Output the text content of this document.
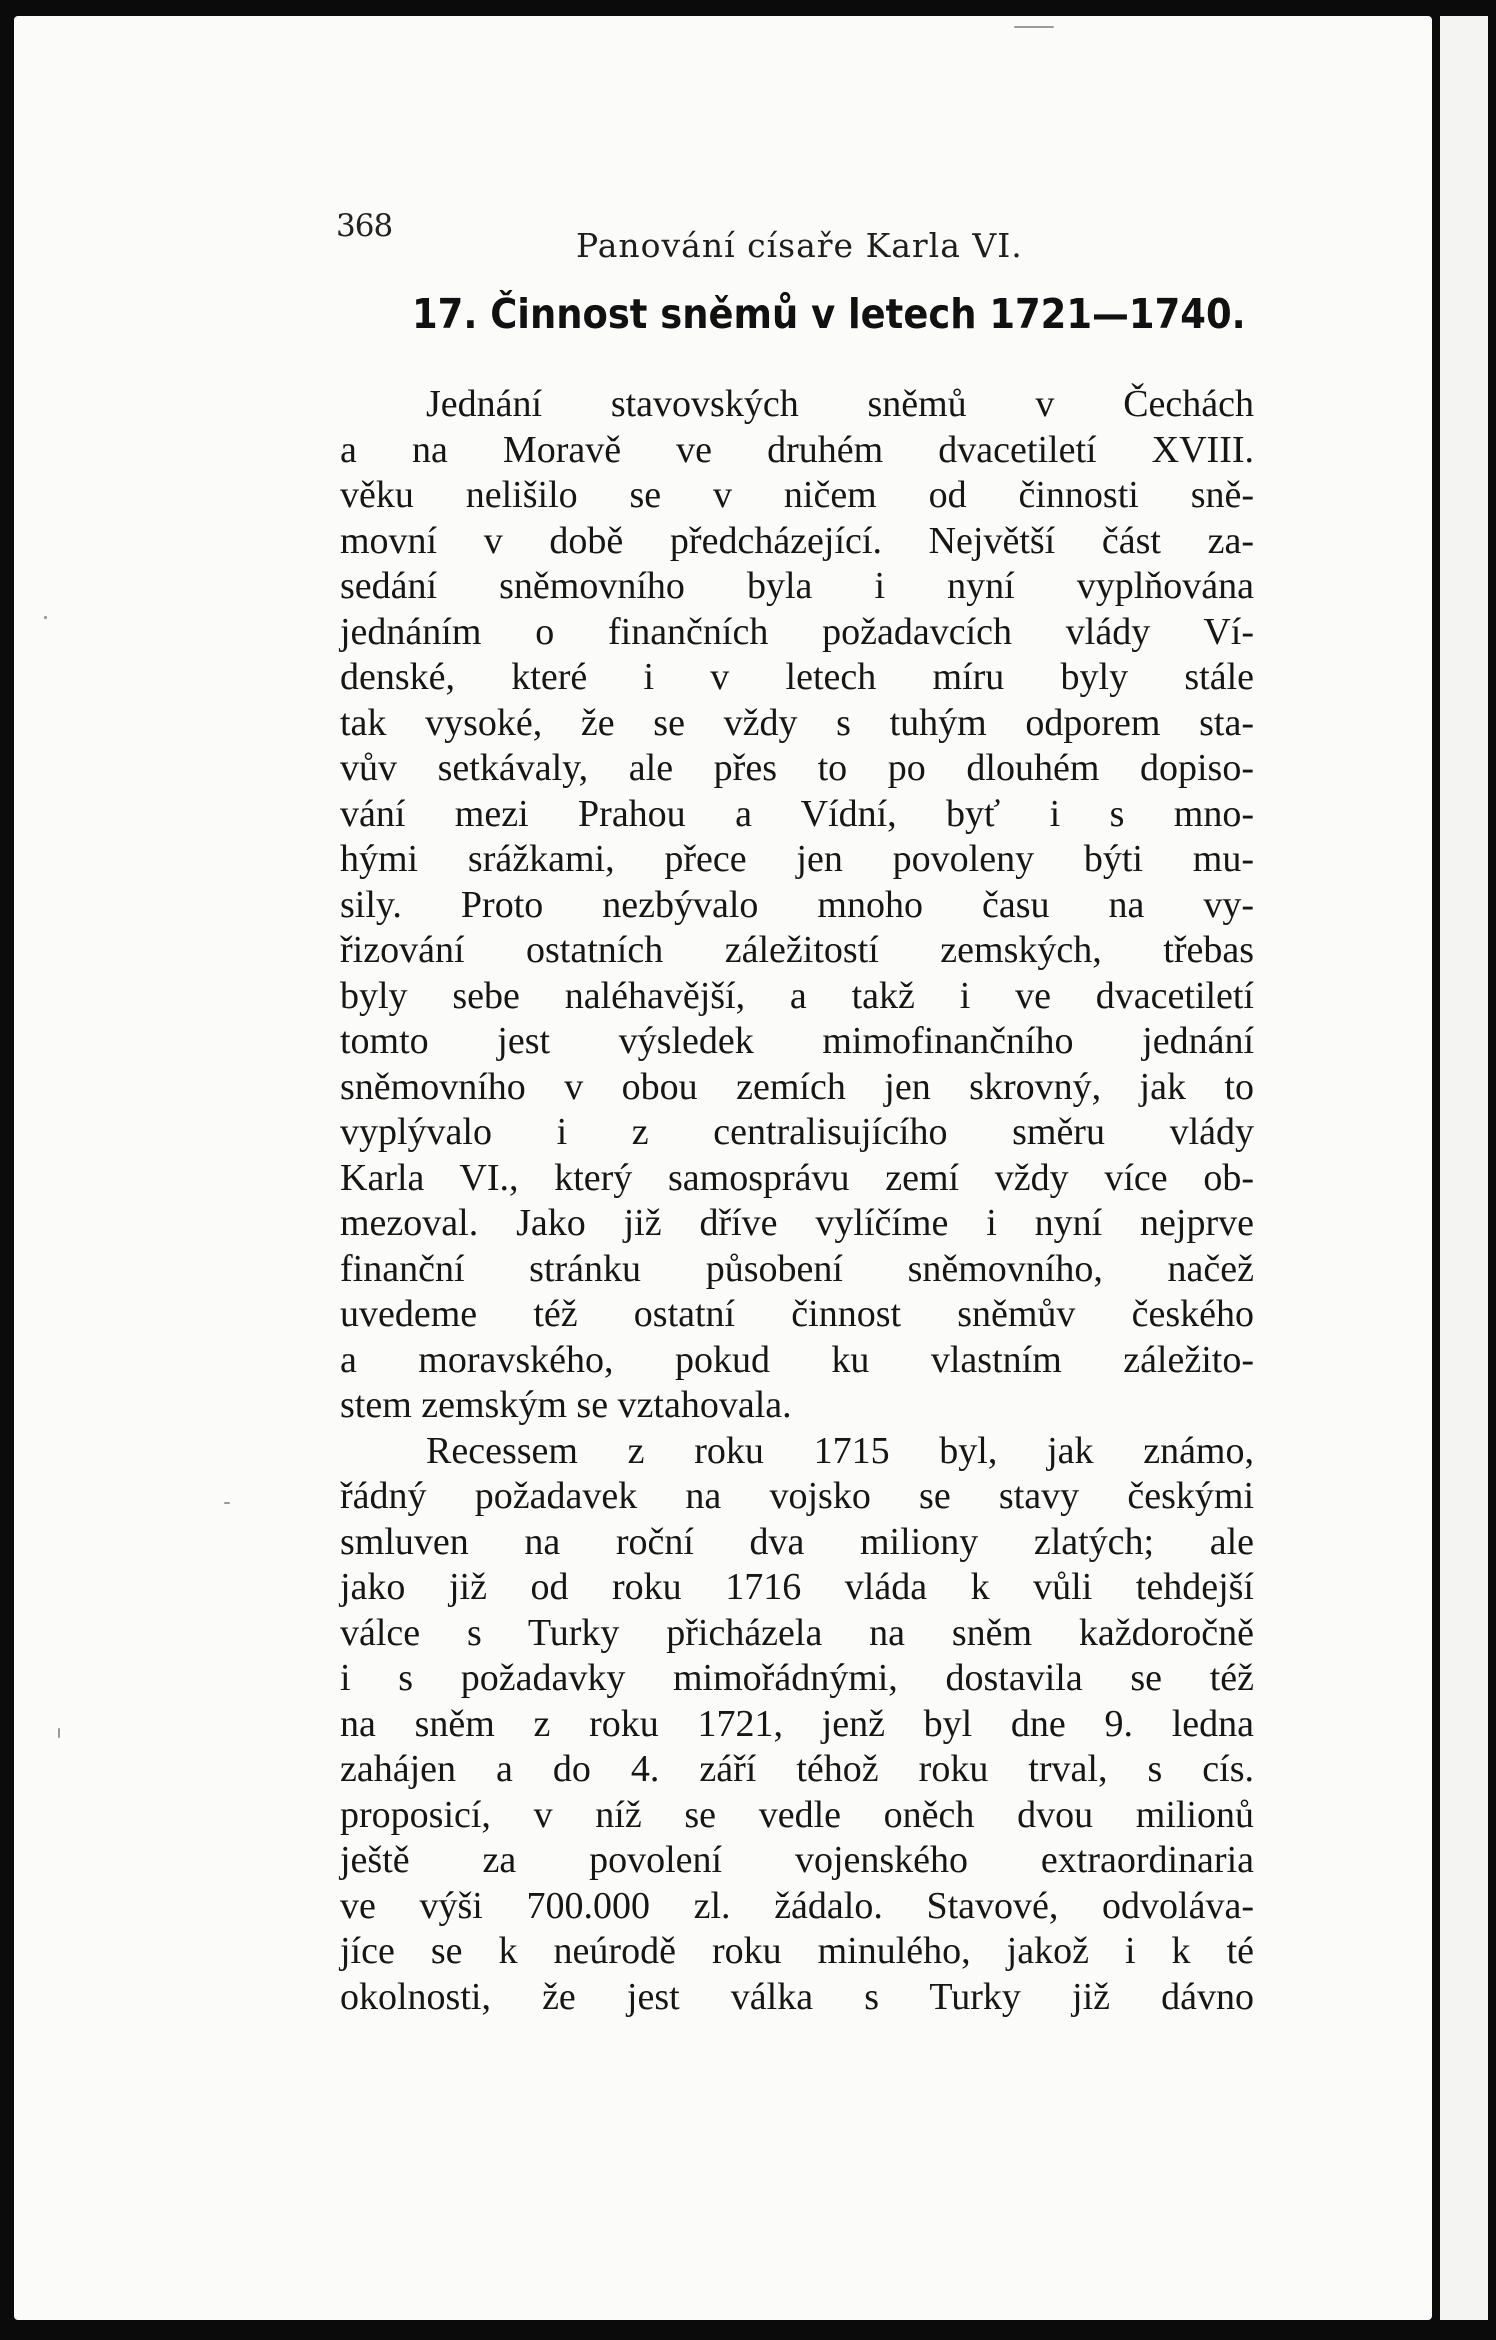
368	Panování císaře Karla VI.
17. Činnost sněmů v letech 1721—1740.
Jednání stavovských sněmů v Čechách
a na Moravě ve druhém dvacetiletí XVIII.
věku nelišilo se v ničem od činnosti sně-
movní v době předcházející. Největší část za-
sedání sněmovního byla i nyní vyplňována
jednáním o finančních požadavcích vlády Ví-
denské, které i v letech míru byly stále
tak vysoké, že se vždy s tuhým odporem sta-
vův setkávaly, ale přes to po dlouhém dopiso-
vání mezi Prahou a Vídní, byť i s mno-
hými srážkami, přece jen povoleny býti mu-
sily. Proto nezbývalo mnoho času na vy-
řizování ostatních záležitostí zemských, třebas
byly sebe naléhavější, a takž i ve dvacetiletí
tomto jest výsledek mimofinančního jednání
sněmovního v obou zemích jen skrovný, jak to
vyplývalo i z centralisujícího směru vlády
Karla VI., který samosprávu zemí vždy více ob-
mezoval. Jako již dříve vylíčíme i nyní nejprve
finanční stránku působení sněmovního, načež
uvedeme též ostatní činnost sněmův českého
a moravského, pokud ku vlastním záležito-
stem zemským se vztahovala.
Recessem z roku 1715 byl, jak známo,
řádný požadavek na vojsko se stavy českými
smluven na roční dva miliony zlatých; ale
jako již od roku 1716 vláda k vůli tehdejší
válce s Turky přicházela na sněm každoročně
i s požadavky mimořádnými, dostavila se též
na sněm z roku 1721, jenž byl dne 9. ledna
zahájen a do 4. září téhož roku trval, s cís.
proposicí, v níž se vedle oněch dvou milionů
ještě za povolení vojenského extraordinaria
ve výši 700.000 zl. žádalo. Stavové, odvoláva-
jíce se k neúrodě roku minulého, jakož i k té
okolnosti, že jest válka s Turky již dávno
